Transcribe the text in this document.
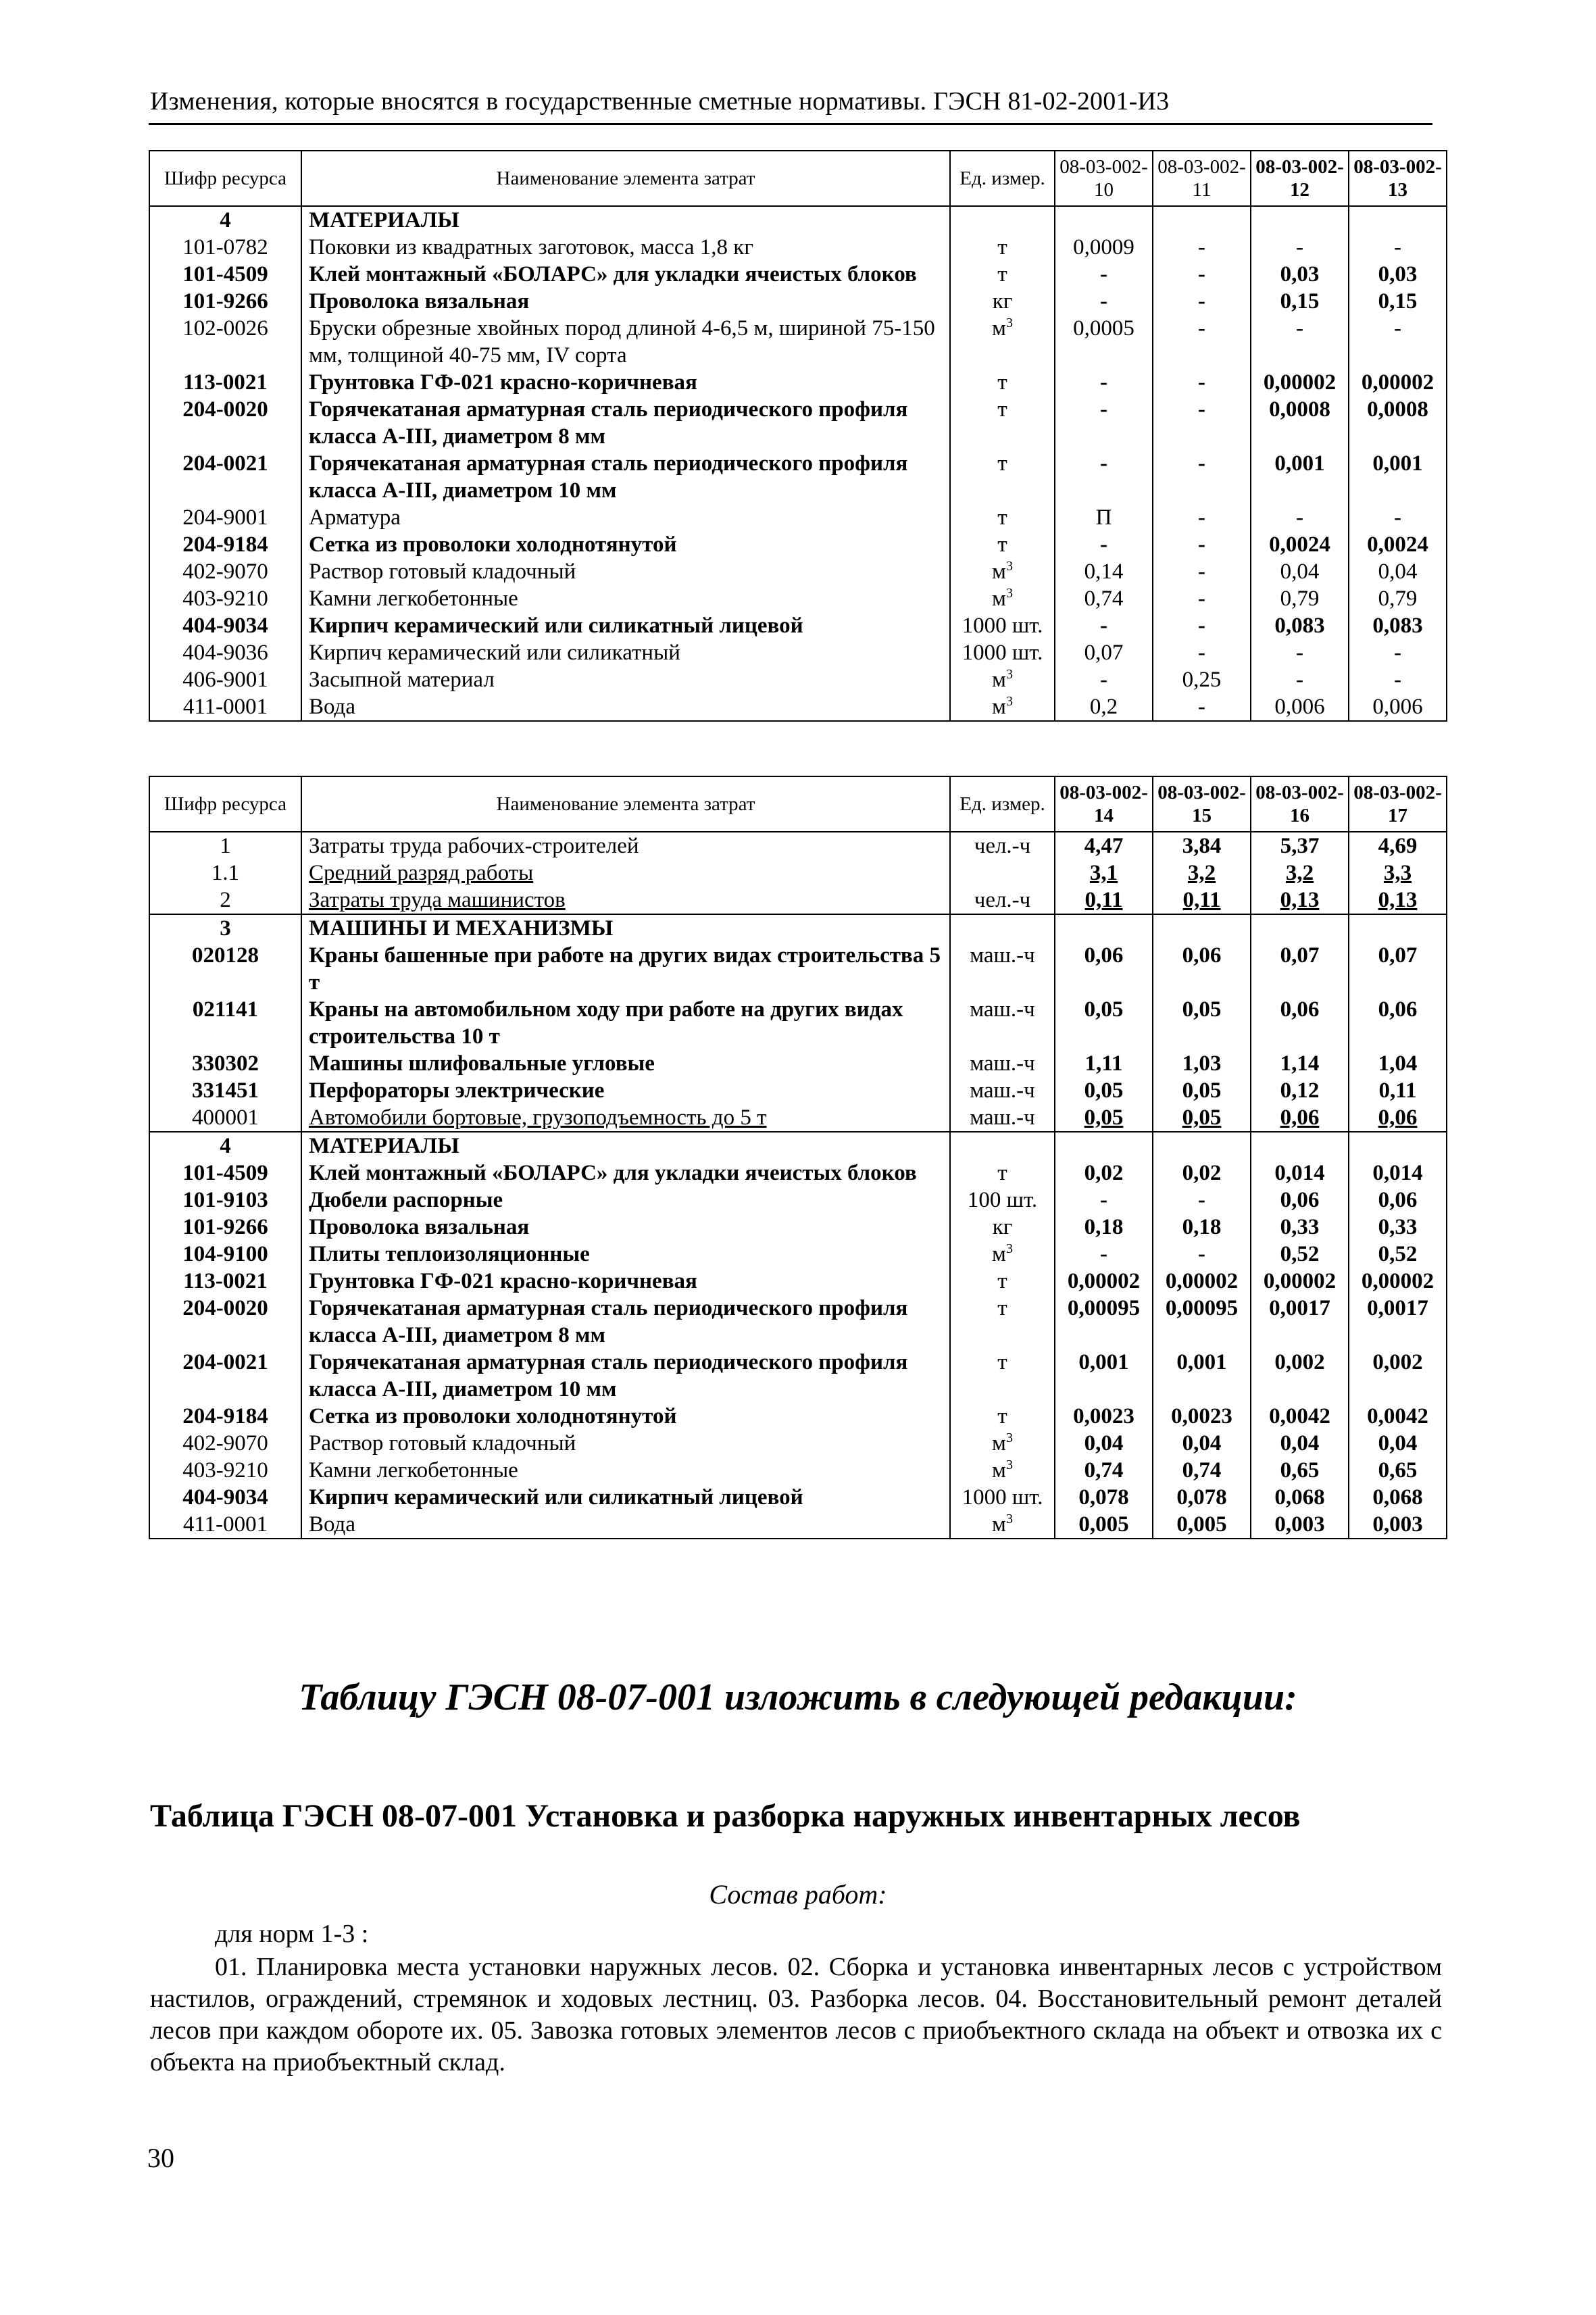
Изменения, которые вносятся в государственные сметные нормативы. ГЭСН 81-02-2001-И3
Шифр ресурса	Наименование элемента затрат	Ед. измер.	08-03-002-10	08-03-002-11	08-03-002-12	08-03-002-13
4	МАТЕРИАЛЫ					
101-0782	Поковки из квадратных заготовок, масса 1,8 кг	т	0,0009	-	-	-
101-4509	Клей монтажный «БОЛАРС» для укладки ячеистых блоков	т	-	-	0,03	0,03
101-9266	Проволока вязальная	кг	-	-	0,15	0,15
102-0026	Бруски обрезные хвойных пород длиной 4-6,5 м, шириной 75-150 мм, толщиной 40-75 мм, IV сорта	$м^3$	0,0005	-	-	-
113-0021	Грунтовка ГФ-021 красно-коричневая	т	-	-	0,00002	0,00002
204-0020	Горячекатаная арматурная сталь периодического профиля класса А-III, диаметром 8 мм	т	-	-	0,0008	0,0008
204-0021	Горячекатаная арматурная сталь периодического профиля класса А-III, диаметром 10 мм	т	-	-	0,001	0,001
204-9001	Арматура	т	П	-	-	-
204-9184	Сетка из проволоки холоднотянутой	т	-	-	0,0024	0,0024
402-9070	Раствор готовый кладочный	$м^3$	0,14	-	0,04	0,04
403-9210	Камни легкобетонные	$м^3$	0,74	-	0,79	0,79
404-9034	Кирпич керамический или силикатный лицевой	1000 шт.	-	-	0,083	0,083
404-9036	Кирпич керамический или силикатный	1000 шт.	0,07	-	-	-
406-9001	Засыпной материал	$м^3$	-	0,25	-	-
411-0001	Вода	$м^3$	0,2	-	0,006	0,006
Шифр ресурса	Наименование элемента затрат	Ед. измер.	08-03-002-14	08-03-002-15	08-03-002-16	08-03-002-17
1	Затраты труда рабочих-строителей	чел.-ч	4,47	3,84	5,37	4,69
1.1	Средний разряд работы		3,1	3,2	3,2	3,3
2	Затраты труда машинистов	чел.-ч	0,11	0,11	0,13	0,13
3	МАШИНЫ И МЕХАНИЗМЫ					
020128	Краны башенные при работе на других видах строительства 5 т	маш.-ч	0,06	0,06	0,07	0,07
021141	Краны на автомобильном ходу при работе на других видах строительства 10 т	маш.-ч	0,05	0,05	0,06	0,06
330302	Машины шлифовальные угловые	маш.-ч	1,11	1,03	1,14	1,04
331451	Перфораторы электрические	маш.-ч	0,05	0,05	0,12	0,11
400001	Автомобили бортовые, грузоподъемность до 5 т	маш.-ч	0,05	0,05	0,06	0,06
4	МАТЕРИАЛЫ					
101-4509	Клей монтажный «БОЛАРС» для укладки ячеистых блоков	т	0,02	0,02	0,014	0,014
101-9103	Дюбели распорные	100 шт.	-	-	0,06	0,06
101-9266	Проволока вязальная	кг	0,18	0,18	0,33	0,33
104-9100	Плиты теплоизоляционные	$м^3$	-	-	0,52	0,52
113-0021	Грунтовка ГФ-021 красно-коричневая	т	0,00002	0,00002	0,00002	0,00002
204-0020	Горячекатаная арматурная сталь периодического профиля класса А-III, диаметром 8 мм	т	0,00095	0,00095	0,0017	0,0017
204-0021	Горячекатаная арматурная сталь периодического профиля класса А-III, диаметром 10 мм	т	0,001	0,001	0,002	0,002
204-9184	Сетка из проволоки холоднотянутой	т	0,0023	0,0023	0,0042	0,0042
402-9070	Раствор готовый кладочный	$м^3$	0,04	0,04	0,04	0,04
403-9210	Камни легкобетонные	$м^3$	0,74	0,74	0,65	0,65
404-9034	Кирпич керамический или силикатный лицевой	1000 шт.	0,078	0,078	0,068	0,068
411-0001	Вода	$м^3$	0,005	0,005	0,003	0,003
Таблицу ГЭСН 08-07-001 изложить в следующей редакции:
Таблица ГЭСН 08-07-001 Установка и разборка наружных инвентарных лесов
Состав работ:
для норм 1-3 :
01. Планировка места установки наружных лесов. 02. Сборка и установка инвентарных лесов с устройством настилов, ограждений, стремянок и ходовых лестниц. 03. Разборка лесов. 04. Восстановительный ремонт деталей лесов при каждом обороте их. 05. Завозка готовых элементов лесов с приобъектного склада на объект и отвозка их с объекта на приобъектный склад.
30
